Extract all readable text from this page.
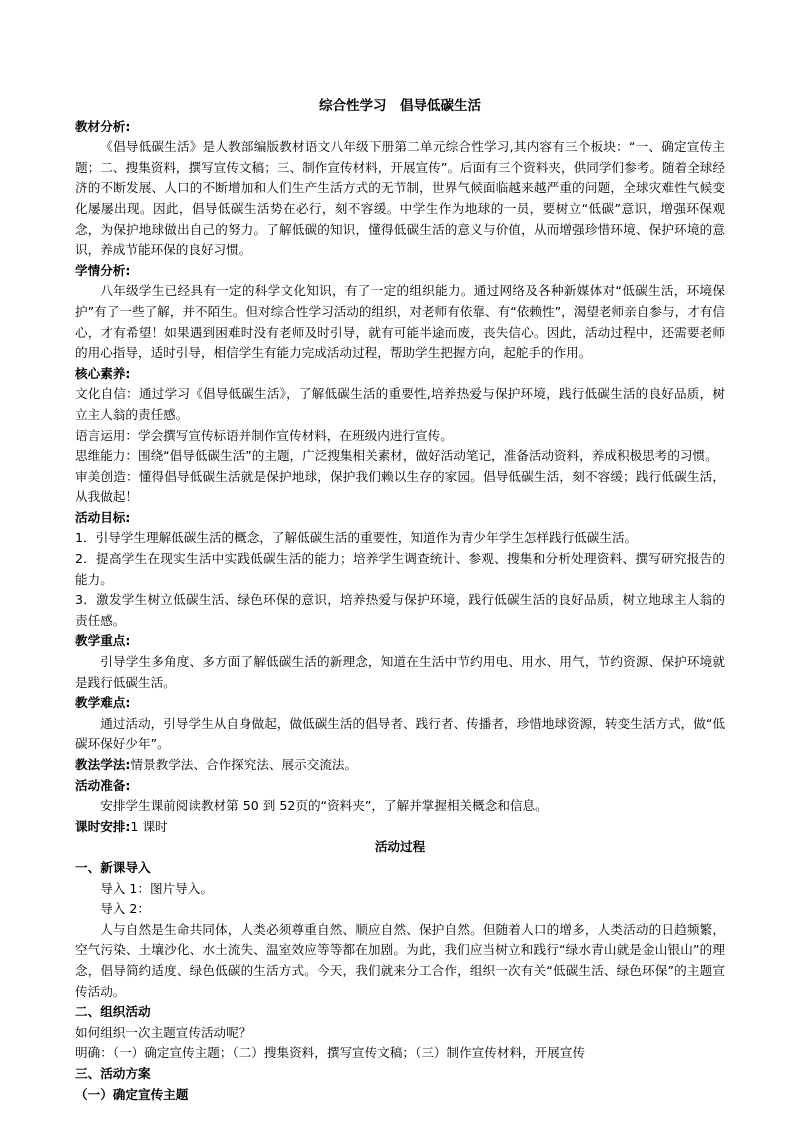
综合性学习　倡导低碳生活
教材分析:
《倡导低碳生活》是人教部编版教材语文八年级下册第二单元综合性学习,其内容有三个板块：“一、确定宣传主题；二、搜集资料，撰写宣传文稿；三、制作宣传材料，开展宣传”。后面有三个资料夹，供同学们参考。随着全球经济的不断发展、人口的不断增加和人们生产生活方式的无节制，世界气候面临越来越严重的问题，全球灾难性气候变化屡屡出现。因此，倡导低碳生活势在必行，刻不容缓。中学生作为地球的一员，要树立“低碳”意识，增强环保观念，为保护地球做出自己的努力。了解低碳的知识，懂得低碳生活的意义与价值，从而增强珍惜环境、保护环境的意识，养成节能环保的良好习惯。
学情分析:
八年级学生已经具有一定的科学文化知识，有了一定的组织能力。通过网络及各种新媒体对“低碳生活，环境保护”有了一些了解，并不陌生。但对综合性学习活动的组织，对老师有依靠、有“依赖性”，渴望老师亲自参与，才有信心，才有希望！如果遇到困难时没有老师及时引导，就有可能半途而废，丧失信心。因此，活动过程中，还需要老师的用心指导，适时引导，相信学生有能力完成活动过程，帮助学生把握方向，起舵手的作用。
核心素养:
文化自信：通过学习《倡导低碳生活》，了解低碳生活的重要性,培养热爱与保护环境，践行低碳生活的良好品质，树立主人翁的责任感。
语言运用：学会撰写宣传标语并制作宣传材料，在班级内进行宣传。
思维能力：围绕“倡导低碳生活”的主题，广泛搜集相关素材，做好活动笔记，准备活动资料，养成积极思考的习惯。
审美创造：懂得倡导低碳生活就是保护地球，保护我们赖以生存的家园。倡导低碳生活，刻不容缓；践行低碳生活，从我做起！
活动目标:
1．引导学生理解低碳生活的概念，了解低碳生活的重要性，知道作为青少年学生怎样践行低碳生活。
2．提高学生在现实生活中实践低碳生活的能力；培养学生调查统计、参观、搜集和分析处理资料、撰写研究报告的能力。
3．激发学生树立低碳生活、绿色环保的意识，培养热爱与保护环境，践行低碳生活的良好品质，树立地球主人翁的责任感。
教学重点:
引导学生多角度、多方面了解低碳生活的新理念，知道在生活中节约用电、用水、用气，节约资源、保护环境就是践行低碳生活。
教学难点:
通过活动，引导学生从自身做起，做低碳生活的倡导者、践行者、传播者，珍惜地球资源，转变生活方式，做“低碳环保好少年”。
教法学法:情景教学法、合作探究法、展示交流法。
活动准备:
安排学生课前阅读教材第 50 到 52页的“资料夹”，了解并掌握相关概念和信息。
课时安排:1 课时
活动过程
一、新课导入
导入 1：图片导入。
导入 2：
人与自然是生命共同体，人类必须尊重自然、顺应自然、保护自然。但随着人口的增多，人类活动的日趋频繁，空气污染、土壤沙化、水土流失、温室效应等等都在加剧。为此，我们应当树立和践行“绿水青山就是金山银山”的理念，倡导简约适度、绿色低碳的生活方式。今天，我们就来分工合作，组织一次有关“低碳生活、绿色环保”的主题宣传活动。
二、组织活动
如何组织一次主题宣传活动呢？
明确：（一）确定宣传主题；（二）搜集资料，撰写宣传文稿；（三）制作宣传材料，开展宣传
三、活动方案
（一）确定宣传主题
